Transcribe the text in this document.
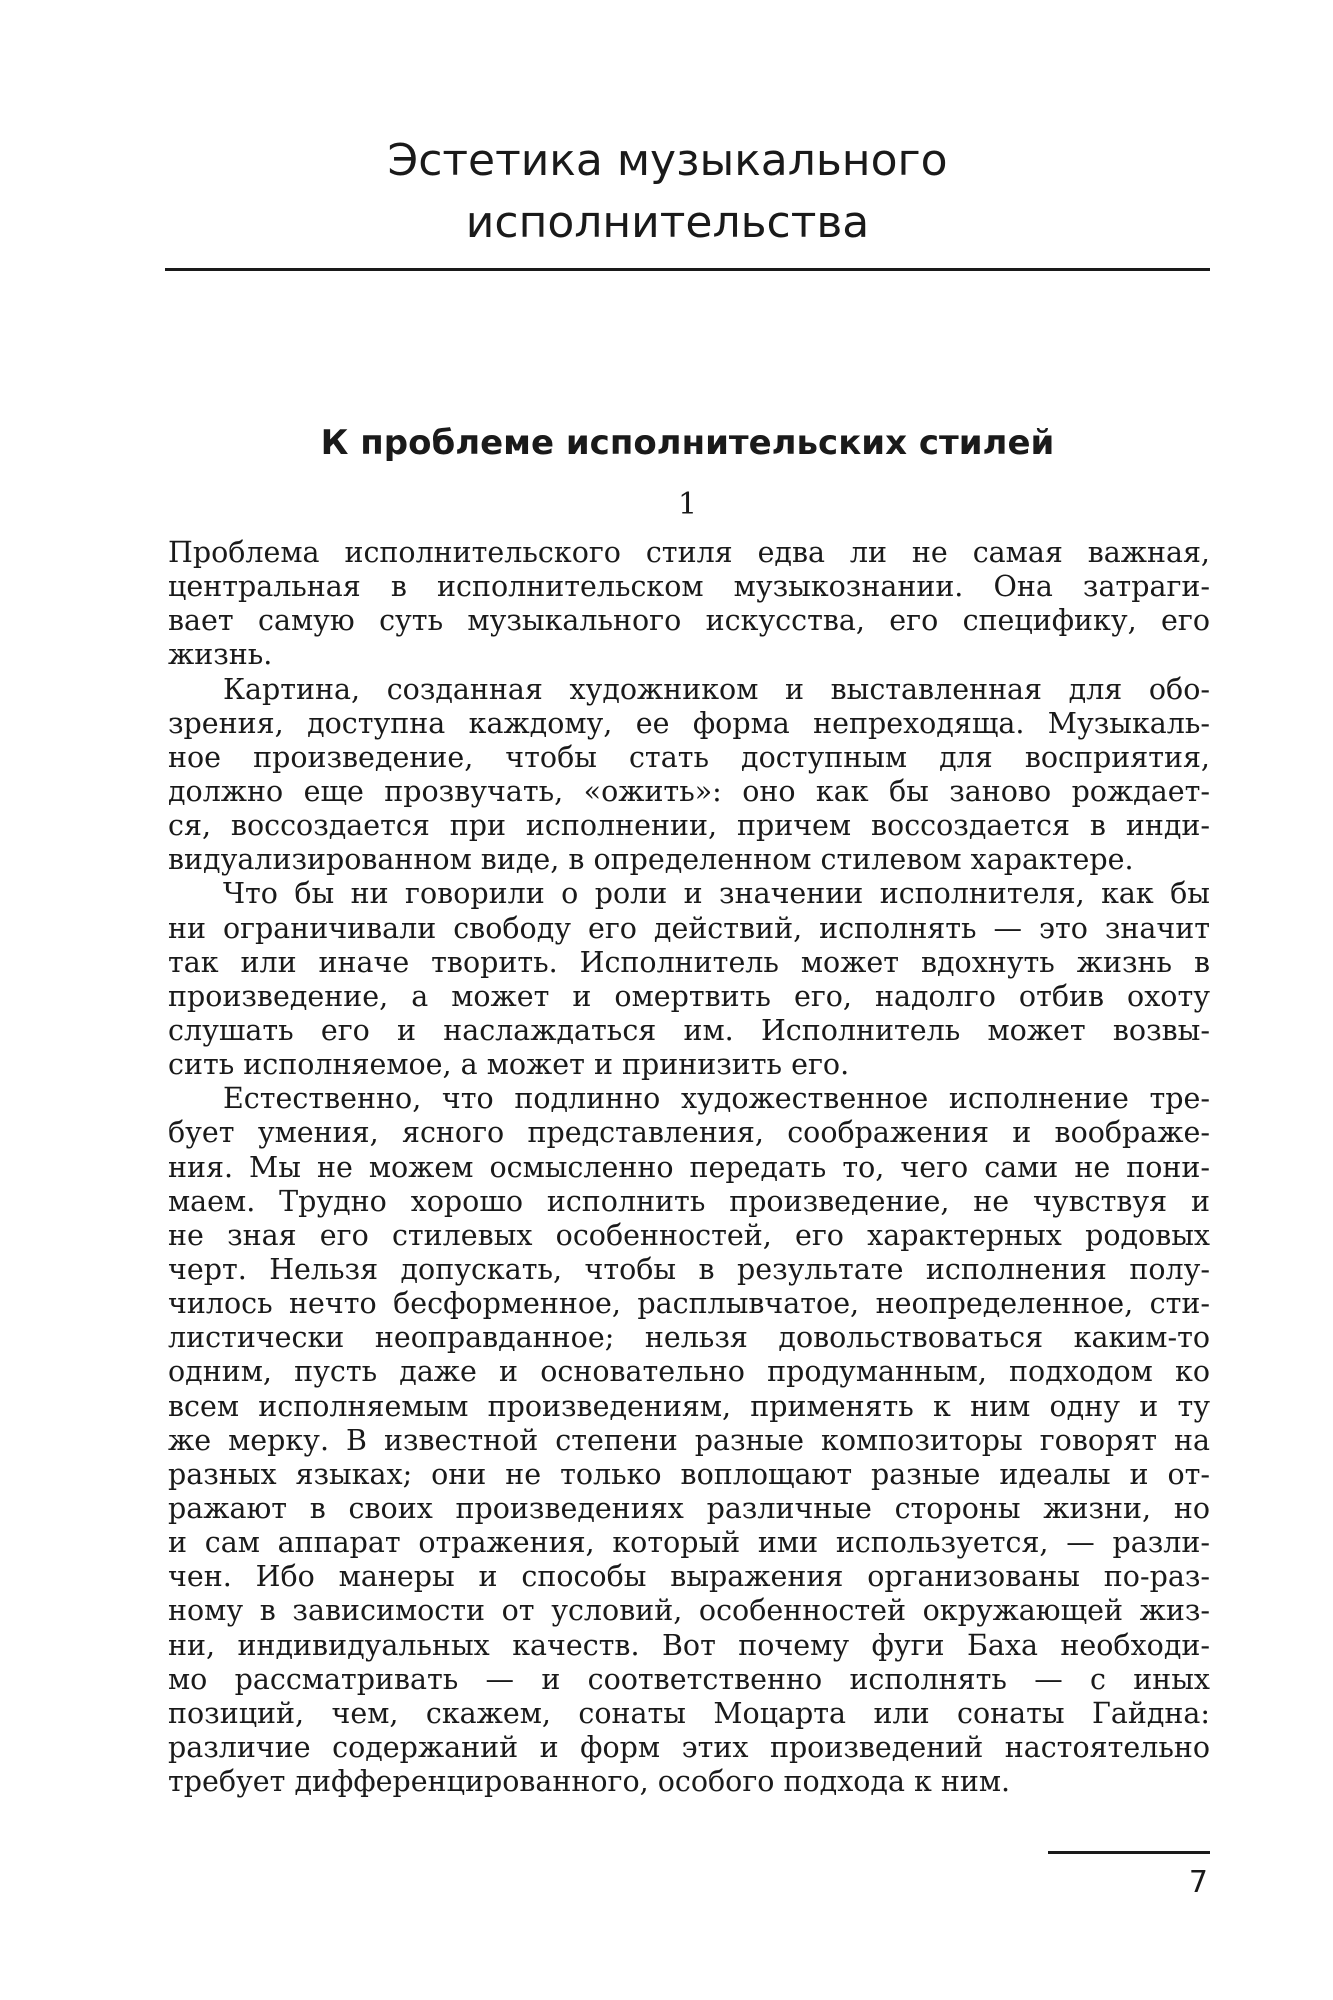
Эстетика музыкального
исполнительства
К проблеме исполнительских стилей
1
Проблема исполнительского стиля едва ли не самая важная,
центральная в исполнительском музыкознании. Она затраги-
вает самую суть музыкального искусства, его специфику, его
жизнь.
Картина, созданная художником и выставленная для обо-
зрения, доступна каждому, ее форма непреходяща. Музыкаль-
ное произведение, чтобы стать доступным для восприятия,
должно еще прозвучать, «ожить»: оно как бы заново рождает-
ся, воссоздается при исполнении, причем воссоздается в инди-
видуализированном виде, в определенном стилевом характере.
Что бы ни говорили о роли и значении исполнителя, как бы
ни ограничивали свободу его действий, исполнять — это значит
так или иначе творить. Исполнитель может вдохнуть жизнь в
произведение, а может и омертвить его, надолго отбив охоту
слушать его и наслаждаться им. Исполнитель может возвы-
сить исполняемое, а может и принизить его.
Естественно, что подлинно художественное исполнение тре-
бует умения, ясного представления, соображения и воображе-
ния. Мы не можем осмысленно передать то, чего сами не пони-
маем. Трудно хорошо исполнить произведение, не чувствуя и
не зная его стилевых особенностей, его характерных родовых
черт. Нельзя допускать, чтобы в результате исполнения полу-
чилось нечто бесформенное, расплывчатое, неопределенное, сти-
листически неоправданное; нельзя довольствоваться каким-то
одним, пусть даже и основательно продуманным, подходом ко
всем исполняемым произведениям, применять к ним одну и ту
же мерку. В известной степени разные композиторы говорят на
разных языках; они не только воплощают разные идеалы и от-
ражают в своих произведениях различные стороны жизни, но
и сам аппарат отражения, который ими используется, — разли-
чен. Ибо манеры и способы выражения организованы по-раз-
ному в зависимости от условий, особенностей окружающей жиз-
ни, индивидуальных качеств. Вот почему фуги Баха необходи-
мо рассматривать — и соответственно исполнять — с иных
позиций, чем, скажем, сонаты Моцарта или сонаты Гайдна:
различие содержаний и форм этих произведений настоятельно
требует дифференцированного, особого подхода к ним.
7
